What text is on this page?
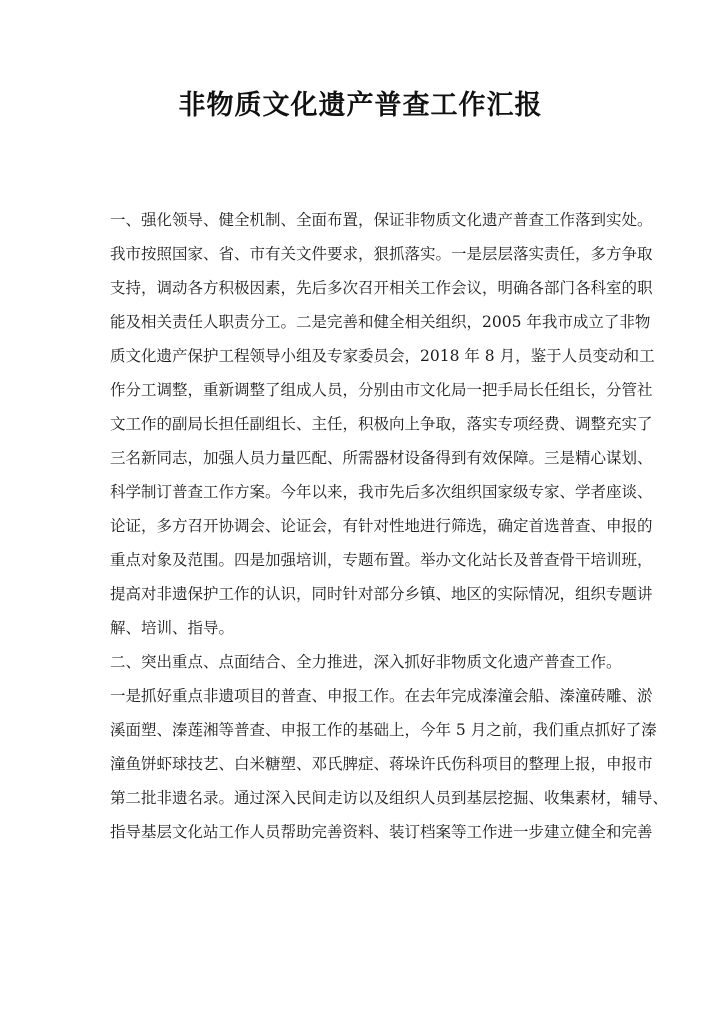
非物质文化遗产普查工作汇报
一、强化领导、健全机制、全面布置，保证非物质文化遗产普查工作落到实处。
我市按照国家、省、市有关文件要求，狠抓落实。一是层层落实责任，多方争取
支持，调动各方积极因素，先后多次召开相关工作会议，明确各部门各科室的职
能及相关责任人职责分工。二是完善和健全相关组织，2005 年我市成立了非物
质文化遗产保护工程领导小组及专家委员会，2018 年 8 月，鉴于人员变动和工
作分工调整，重新调整了组成人员，分别由市文化局一把手局长任组长，分管社
文工作的副局长担任副组长、主任，积极向上争取，落实专项经费、调整充实了
三名新同志，加强人员力量匹配、所需器材设备得到有效保障。三是精心谋划、
科学制订普查工作方案。今年以来，我市先后多次组织国家级专家、学者座谈、
论证，多方召开协调会、论证会，有针对性地进行筛选，确定首选普查、申报的
重点对象及范围。四是加强培训，专题布置。举办文化站长及普查骨干培训班，
提高对非遗保护工作的认识，同时针对部分乡镇、地区的实际情况，组织专题讲
解、培训、指导。
二、突出重点、点面结合、全力推进，深入抓好非物质文化遗产普查工作。
一是抓好重点非遗项目的普查、申报工作。在去年完成溱潼会船、溱潼砖雕、淤
溪面塑、溱莲湘等普查、申报工作的基础上，今年 5 月之前，我们重点抓好了溱
潼鱼饼虾球技艺、白米糖塑、邓氏脾症、蒋垛许氏伤科项目的整理上报，申报市
第二批非遗名录。通过深入民间走访以及组织人员到基层挖掘、收集素材，辅导、
指导基层文化站工作人员帮助完善资料、装订档案等工作进一步建立健全和完善
